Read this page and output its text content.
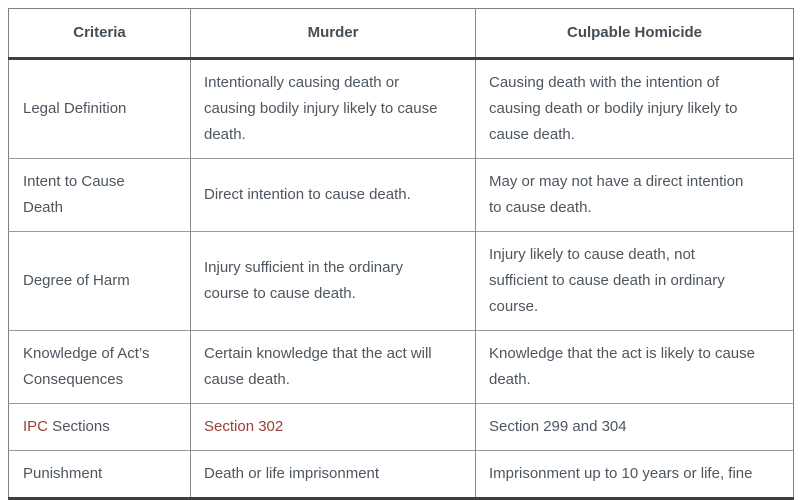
Criteria	Murder	Culpable Homicide
Legal Definition	Intentionally causing death or causing bodily injury likely to cause death.	Causing death with the intention of causing death or bodily injury likely to cause death.
Intent to Cause Death	Direct intention to cause death.	May or may not have a direct intention to cause death.
Degree of Harm	Injury sufficient in the ordinary course to cause death.	Injury likely to cause death, not sufficient to cause death in ordinary course.
Knowledge of Act’s Consequences	Certain knowledge that the act will cause death.	Knowledge that the act is likely to cause death.
IPC Sections	Section 302	Section 299 and 304
Punishment	Death or life imprisonment	Imprisonment up to 10 years or life, fine
